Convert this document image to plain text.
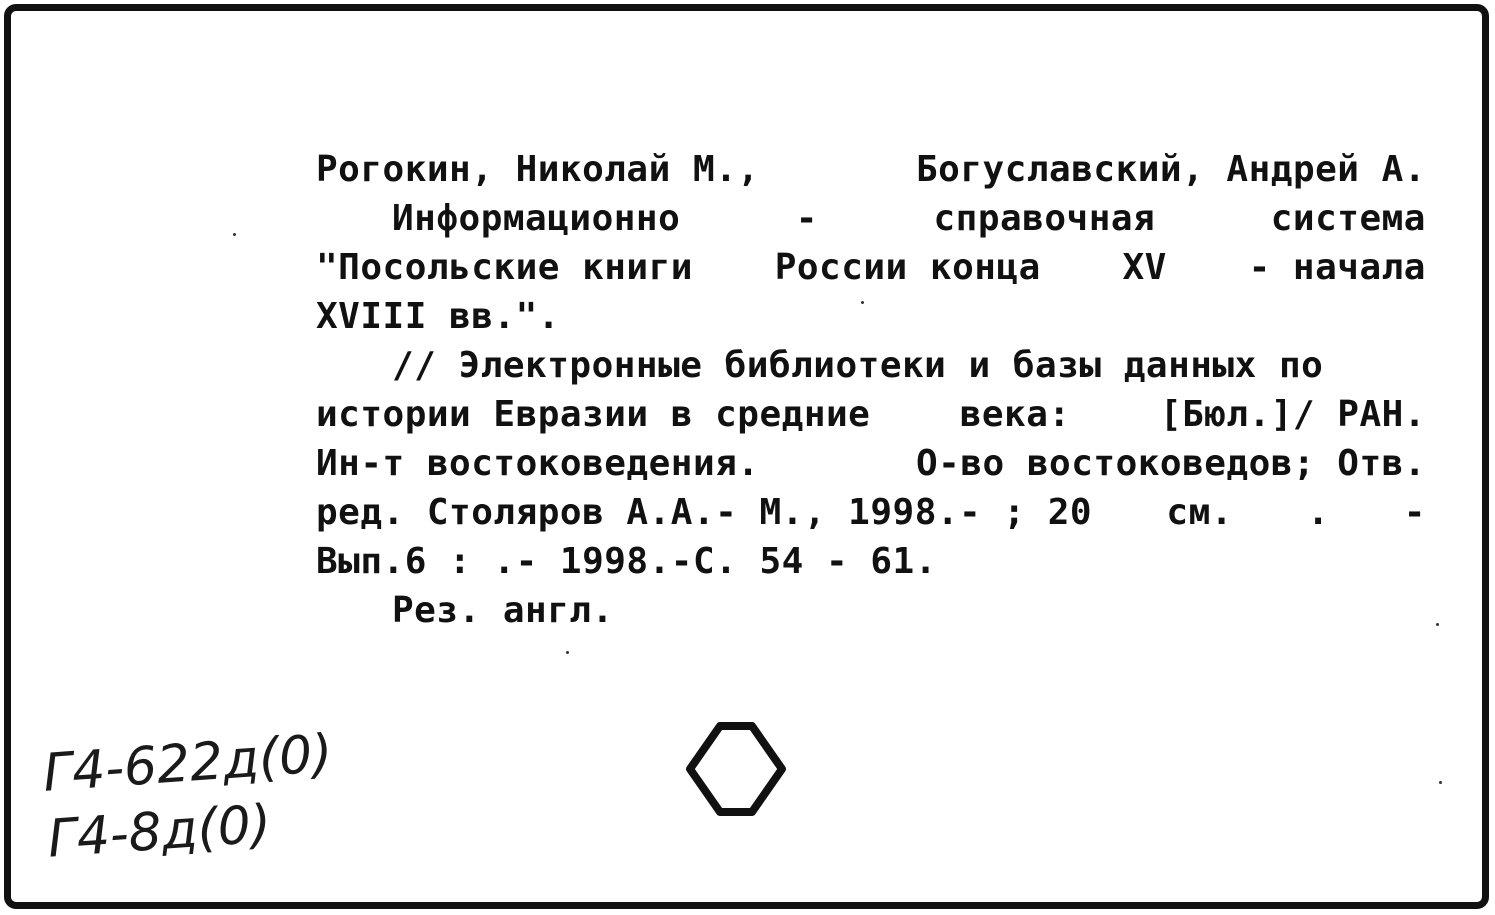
Рогокин, Николай М.,	Богуславский, Андрей А.
Информационно	-	справочная	система
"Посольские книги России конца XV - начала
XVIII вв.".
// Электронные библиотеки и базы данных по
истории Евразии в средние века: [Бюл.]/ РАН.
Ин-т востоковедения.	О-во востоковедов; Отв.
ред. Столяров А.А.- М., 1998.- ; 20 см. . -
Вып.6 : .- 1998.-С. 54 - 61.
Рез. англ.
Г4-622д(0)
Г4-8д(0)
